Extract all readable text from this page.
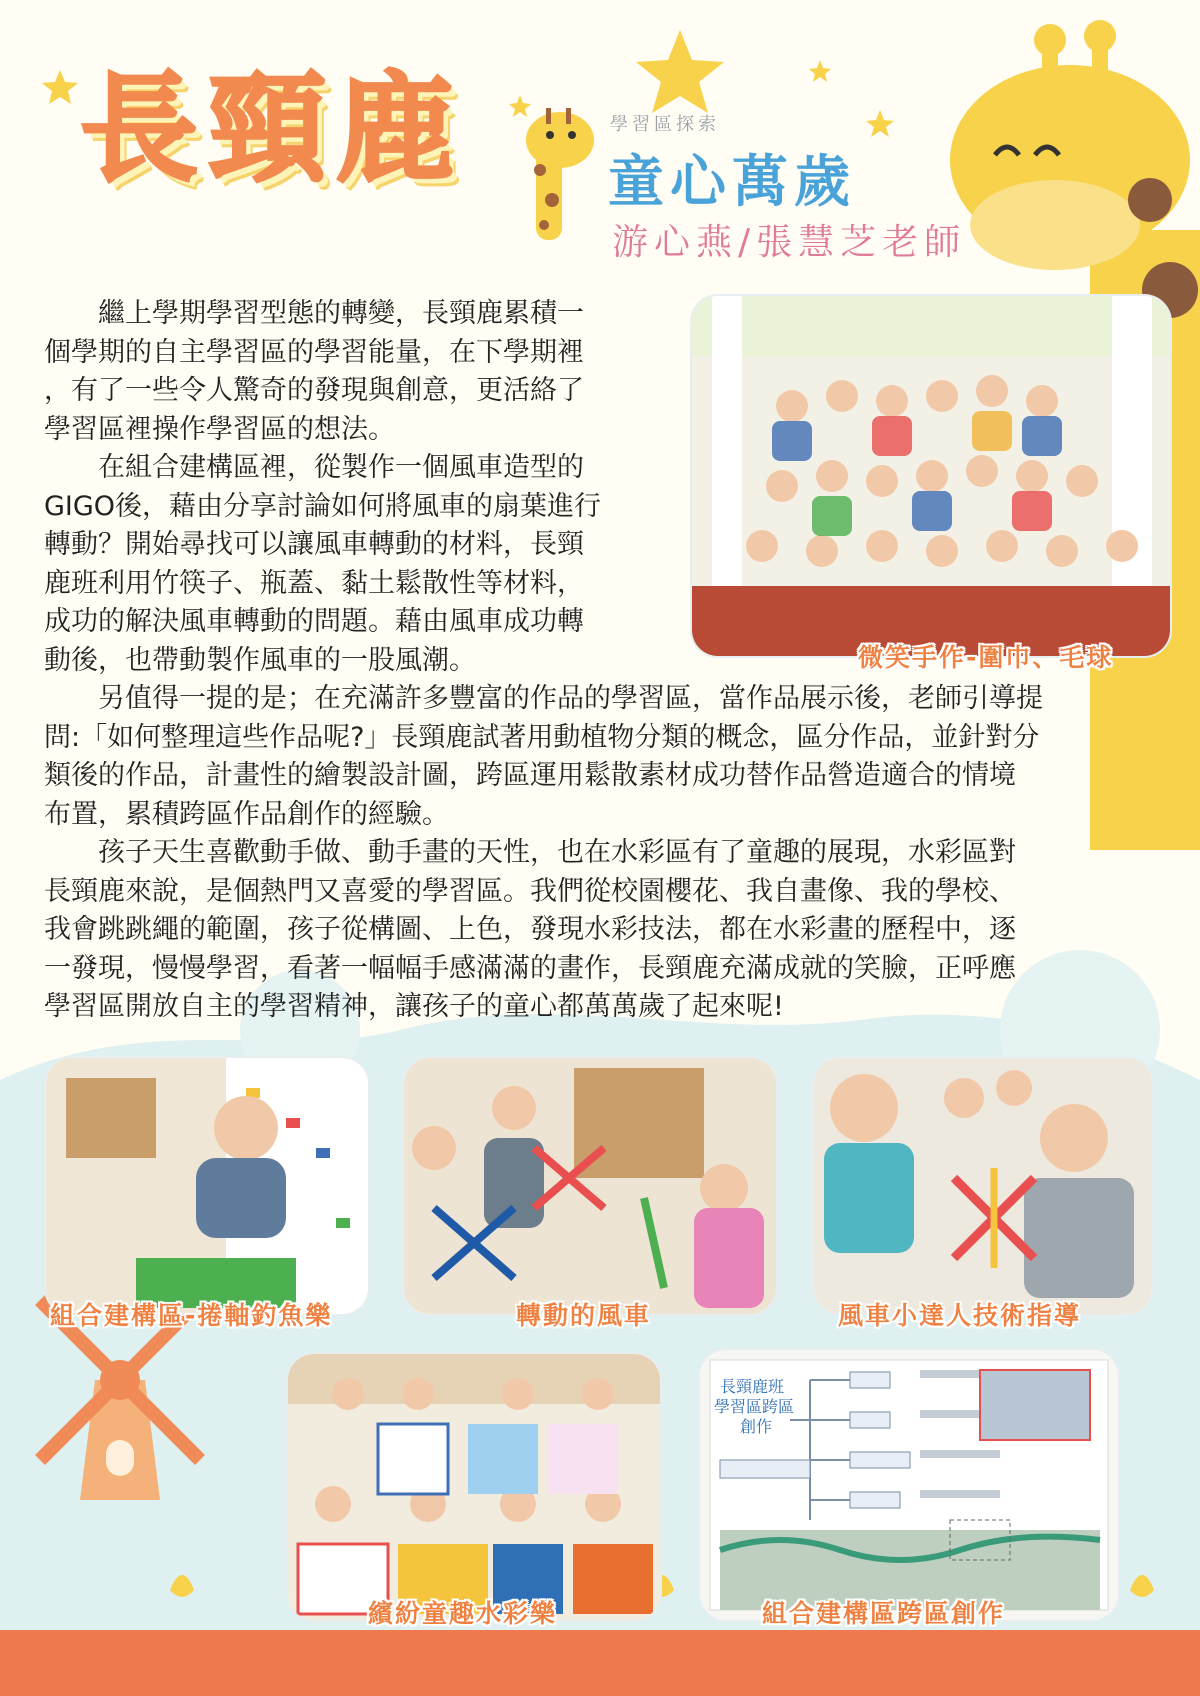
長頸鹿	學習區探索
童心萬歲
游心燕/張慧芝老師
　　繼上學期學習型態的轉變，長頸鹿累積一
個學期的自主學習區的學習能量，在下學期裡
，有了一些令人驚奇的發現與創意，更活絡了
學習區裡操作學習區的想法。
　　在組合建構區裡，從製作一個風車造型的
GIGO後，藉由分享討論如何將風車的扇葉進行
轉動？開始尋找可以讓風車轉動的材料，長頸
鹿班利用竹筷子、瓶蓋、黏土鬆散性等材料，
成功的解決風車轉動的問題。藉由風車成功轉
動後，也帶動製作風車的一股風潮。
　　另值得一提的是；在充滿許多豐富的作品的學習區，當作品展示後，老師引導提
問:「如何整理這些作品呢?」長頸鹿試著用動植物分類的概念，區分作品，並針對分
類後的作品，計畫性的繪製設計圖，跨區運用鬆散素材成功替作品營造適合的情境
布置，累積跨區作品創作的經驗。
　　孩子天生喜歡動手做、動手畫的天性，也在水彩區有了童趣的展現，水彩區對
長頸鹿來說，是個熱門又喜愛的學習區。我們從校園櫻花、我自畫像、我的學校、
我會跳跳繩的範圍，孩子從構圖、上色，發現水彩技法，都在水彩畫的歷程中，逐
一發現，慢慢學習，看著一幅幅手感滿滿的畫作，長頸鹿充滿成就的笑臉，正呼應
學習區開放自主的學習精神，讓孩子的童心都萬萬歲了起來呢!
微笑手作-圍巾、毛球
組合建構區-捲軸釣魚樂	轉動的風車	風車小達人技術指導
繽紛童趣水彩樂
長頸鹿班
學習區跨區
創作
組合建構區跨區創作
